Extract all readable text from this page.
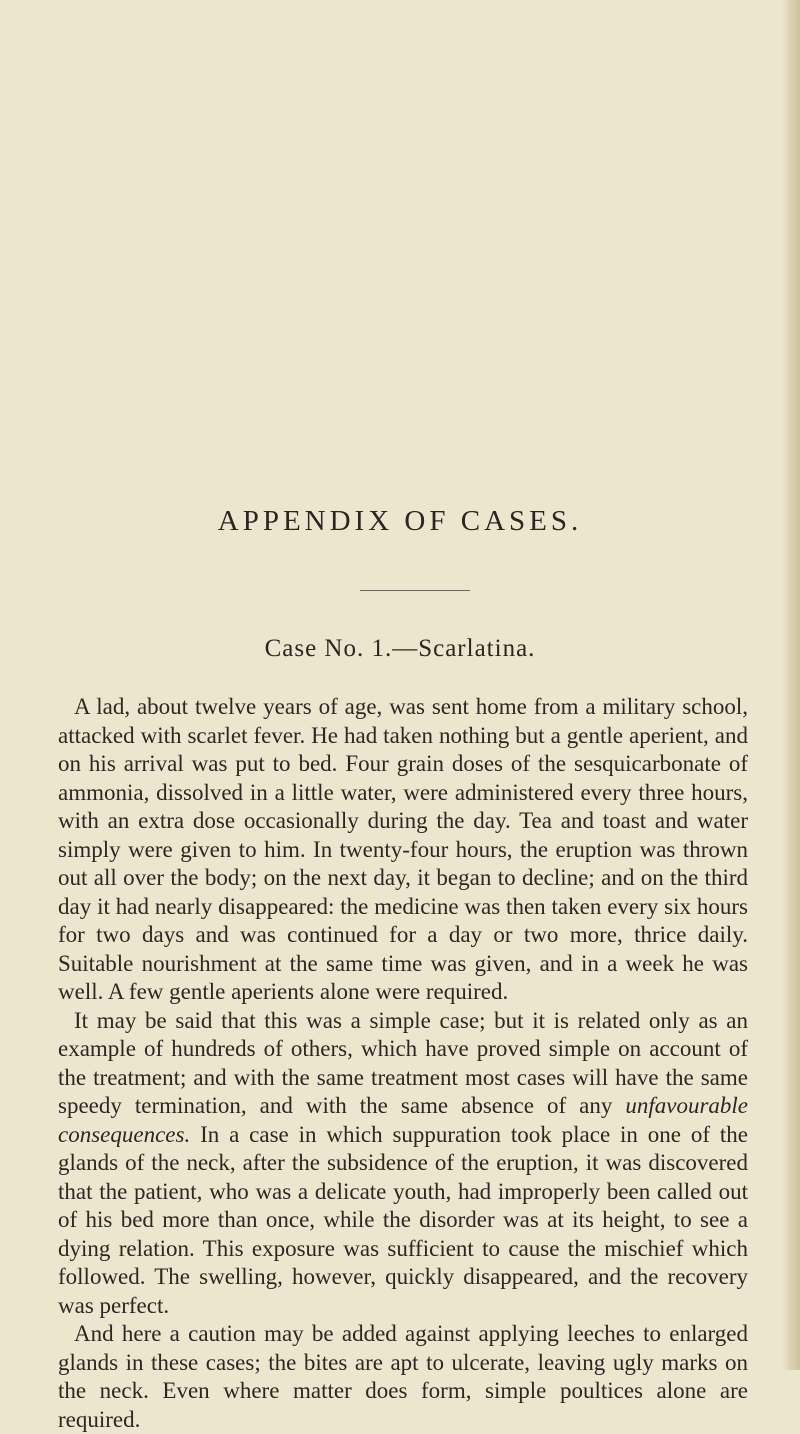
APPENDIX OF CASES.
Case No. 1.—Scarlatina.

A lad, about twelve years of age, was sent home from a military school, attacked with scarlet fever. He had taken nothing but a gentle aperient, and on his arrival was put to bed. Four grain doses of the sesquicarbonate of ammonia, dissolved in a little water, were administered every three hours, with an extra dose occasionally during the day. Tea and toast and water simply were given to him. In twenty-four hours, the eruption was thrown out all over the body; on the next day, it began to decline; and on the third day it had nearly disappeared: the medicine was then taken every six hours for two days and was continued for a day or two more, thrice daily. Suitable nourishment at the same time was given, and in a week he was well. A few gentle aperients alone were required.

It may be said that this was a simple case; but it is related only as an example of hundreds of others, which have proved simple on account of the treatment; and with the same treatment most cases will have the same speedy termination, and with the same absence of any unfavourable consequences. In a case in which suppuration took place in one of the glands of the neck, after the subsidence of the eruption, it was discovered that the patient, who was a delicate youth, had improperly been called out of his bed more than once, while the disorder was at its height, to see a dying relation. This exposure was sufficient to cause the mischief which followed. The swelling, however, quickly disappeared, and the recovery was perfect.

And here a caution may be added against applying leeches to enlarged glands in these cases; the bites are apt to ulcerate, leaving ugly marks on the neck. Even where matter does form, simple poultices alone are required.
